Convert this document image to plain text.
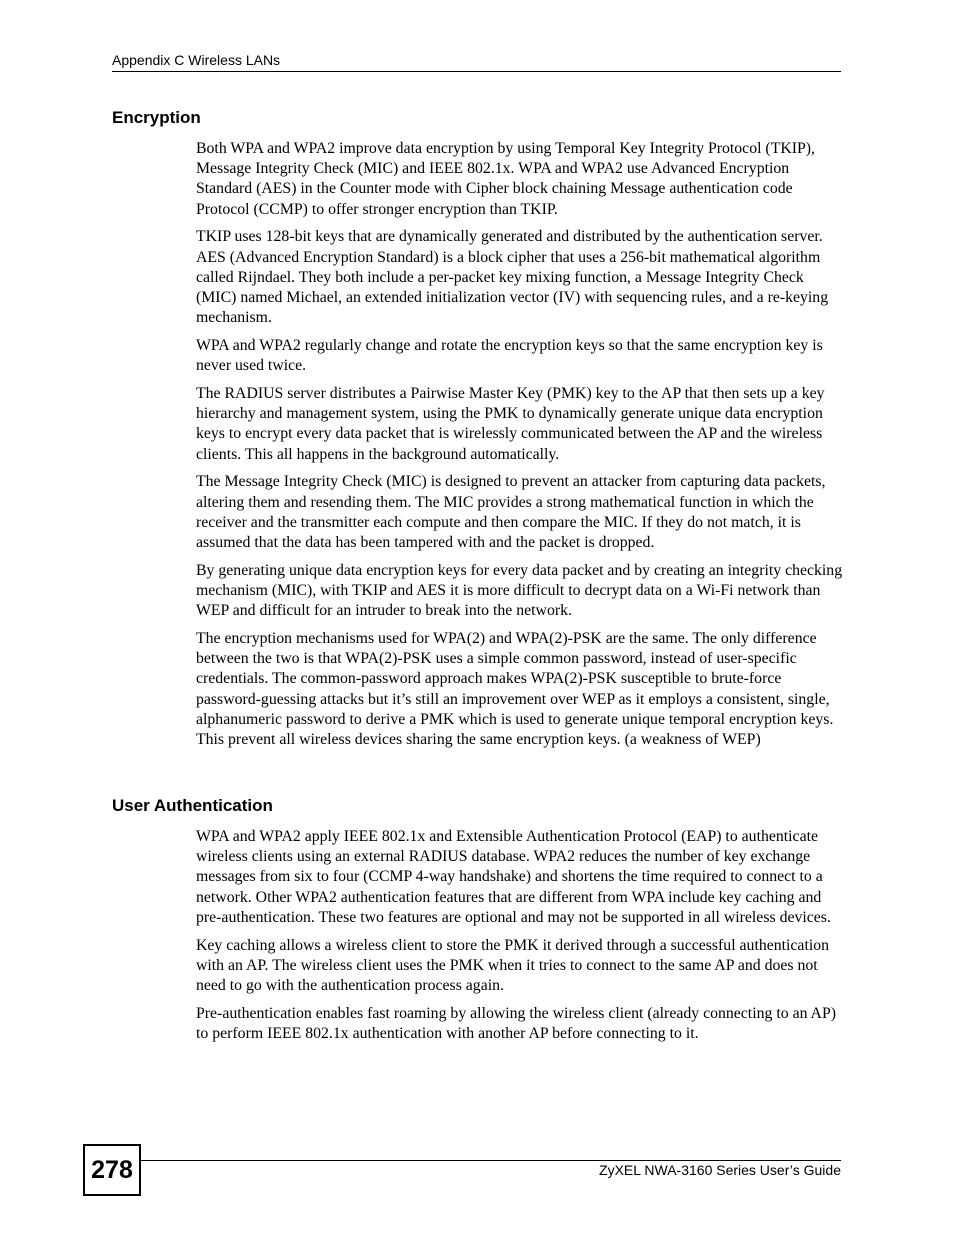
Appendix C Wireless LANs
Encryption

Both WPA and WPA2 improve data encryption by using Temporal Key Integrity Protocol (TKIP), Message Integrity Check (MIC) and IEEE 802.1x. WPA and WPA2 use Advanced Encryption Standard (AES) in the Counter mode with Cipher block chaining Message authentication code Protocol (CCMP) to offer stronger encryption than TKIP.

TKIP uses 128-bit keys that are dynamically generated and distributed by the authentication server. AES (Advanced Encryption Standard) is a block cipher that uses a 256-bit mathematical algorithm called Rijndael. They both include a per-packet key mixing function, a Message Integrity Check (MIC) named Michael, an extended initialization vector (IV) with sequencing rules, and a re-keying mechanism.

WPA and WPA2 regularly change and rotate the encryption keys so that the same encryption key is never used twice.

The RADIUS server distributes a Pairwise Master Key (PMK) key to the AP that then sets up a key hierarchy and management system, using the PMK to dynamically generate unique data encryption keys to encrypt every data packet that is wirelessly communicated between the AP and the wireless clients. This all happens in the background automatically.

The Message Integrity Check (MIC) is designed to prevent an attacker from capturing data packets, altering them and resending them. The MIC provides a strong mathematical function in which the receiver and the transmitter each compute and then compare the MIC. If they do not match, it is assumed that the data has been tampered with and the packet is dropped.

By generating unique data encryption keys for every data packet and by creating an integrity checking mechanism (MIC), with TKIP and AES it is more difficult to decrypt data on a Wi-Fi network than WEP and difficult for an intruder to break into the network.

The encryption mechanisms used for WPA(2) and WPA(2)-PSK are the same. The only difference between the two is that WPA(2)-PSK uses a simple common password, instead of user-specific credentials. The common-password approach makes WPA(2)-PSK susceptible to brute-force password-guessing attacks but it’s still an improvement over WEP as it employs a consistent, single, alphanumeric password to derive a PMK which is used to generate unique temporal encryption keys. This prevent all wireless devices sharing the same encryption keys. (a weakness of WEP)

User Authentication

WPA and WPA2 apply IEEE 802.1x and Extensible Authentication Protocol (EAP) to authenticate wireless clients using an external RADIUS database. WPA2 reduces the number of key exchange messages from six to four (CCMP 4-way handshake) and shortens the time required to connect to a network. Other WPA2 authentication features that are different from WPA include key caching and pre-authentication. These two features are optional and may not be supported in all wireless devices.

Key caching allows a wireless client to store the PMK it derived through a successful authentication with an AP. The wireless client uses the PMK when it tries to connect to the same AP and does not need to go with the authentication process again.

Pre-authentication enables fast roaming by allowing the wireless client (already connecting to an AP) to perform IEEE 802.1x authentication with another AP before connecting to it.

278	ZyXEL NWA-3160 Series User’s Guide
